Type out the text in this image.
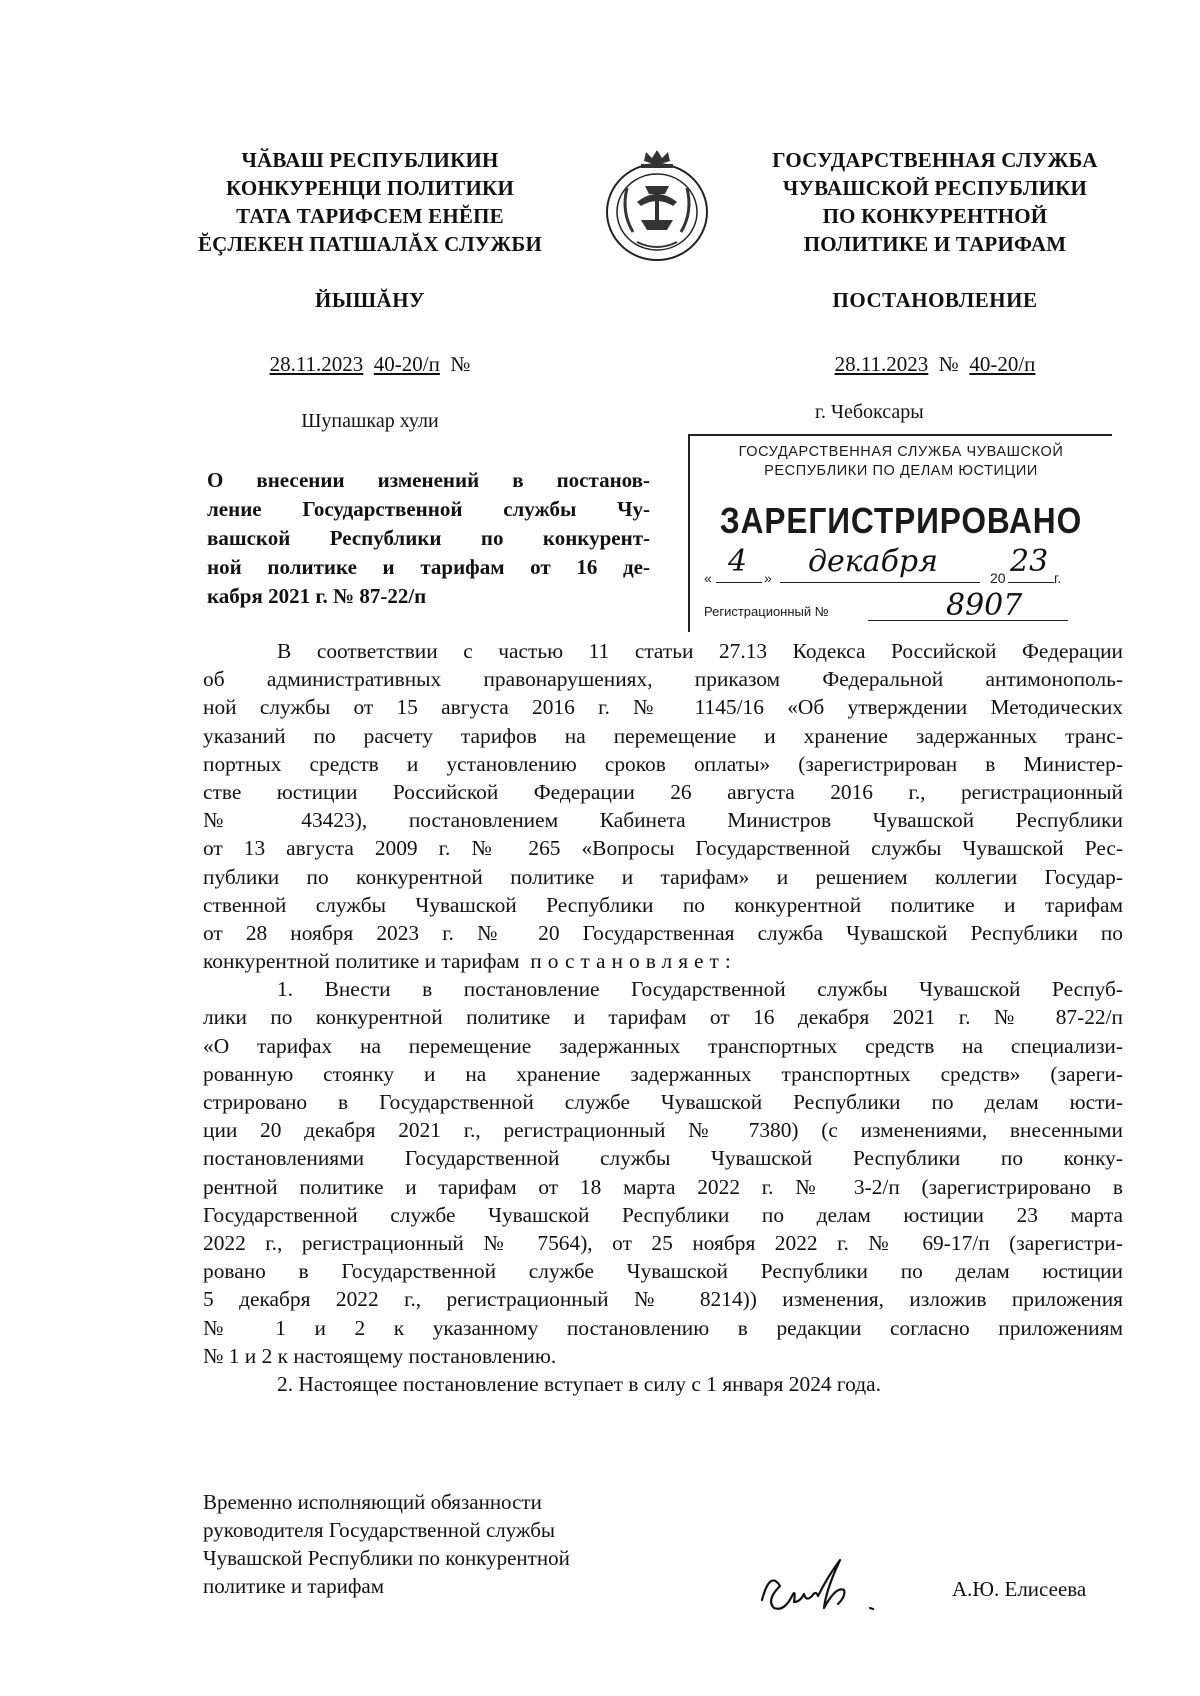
ЧӐВАШ РЕСПУБЛИКИН
КОНКУРЕНЦИ ПОЛИТИКИ
ТАТА ТАРИФСЕМ ЕНĔПЕ
ĔÇЛЕКЕН ПАТШАЛĂХ СЛУЖБИ
ГОСУДАРСТВЕННАЯ СЛУЖБА
ЧУВАШСКОЙ РЕСПУБЛИКИ
ПО КОНКУРЕНТНОЙ
ПОЛИТИКЕ И ТАРИФАМ
ЙЫШĂНУ	ПОСТАНОВЛЕНИЕ
28.11.2023 40-20/п №	28.11.2023 № 40-20/п
Шупашкар хули	г. Чебоксары
ГОСУДАРСТВЕННАЯ СЛУЖБА ЧУВАШСКОЙ
РЕСПУБЛИКИ ПО ДЕЛАМ ЮСТИЦИИ
ЗАРЕГИСТРИРОВАНО
« 4 » декабря	20 23 г.
Регистрационный №	8907
О внесении изменений в постанов-
ление Государственной службы Чу-
вашской Республики по конкурент-
ной политике и тарифам от 16 де-
кабря 2021 г. № 87-22/п
В соответствии с частью 11 статьи 27.13 Кодекса Российской Федерации
об административных правонарушениях, приказом Федеральной антимонополь-
ной службы от 15 августа 2016 г. № 1145/16 «Об утверждении Методических
указаний по расчету тарифов на перемещение и хранение задержанных транс-
портных средств и установлению сроков оплаты» (зарегистрирован в Министер-
стве юстиции Российской Федерации 26 августа 2016 г., регистрационный
№ 43423), постановлением Кабинета Министров Чувашской Республики
от 13 августа 2009 г. № 265 «Вопросы Государственной службы Чувашской Рес-
публики по конкурентной политике и тарифам» и решением коллегии Государ-
ственной службы Чувашской Республики по конкурентной политике и тарифам
от 28 ноября 2023 г. № 20 Государственная служба Чувашской Республики по
конкурентной политике и тарифам постановляет:
1. Внести в постановление Государственной службы Чувашской Респуб-
лики по конкурентной политике и тарифам от 16 декабря 2021 г. № 87-22/п
«О тарифах на перемещение задержанных транспортных средств на специализи-
рованную стоянку и на хранение задержанных транспортных средств» (зареги-
стрировано в Государственной службе Чувашской Республики по делам юсти-
ции 20 декабря 2021 г., регистрационный № 7380) (с изменениями, внесенными
постановлениями Государственной службы Чувашской Республики по конку-
рентной политике и тарифам от 18 марта 2022 г. № 3-2/п (зарегистрировано в
Государственной службе Чувашской Республики по делам юстиции 23 марта
2022 г., регистрационный № 7564), от 25 ноября 2022 г. № 69-17/п (зарегистри-
ровано в Государственной службе Чувашской Республики по делам юстиции
5 декабря 2022 г., регистрационный № 8214)) изменения, изложив приложения
№ 1 и 2 к указанному постановлению в редакции согласно приложениям
№ 1 и 2 к настоящему постановлению.
2. Настоящее постановление вступает в силу с 1 января 2024 года.
Временно исполняющий обязанности
руководителя Государственной службы
Чувашской Республики по конкурентной
политике и тарифам	А.Ю. Елисеева
